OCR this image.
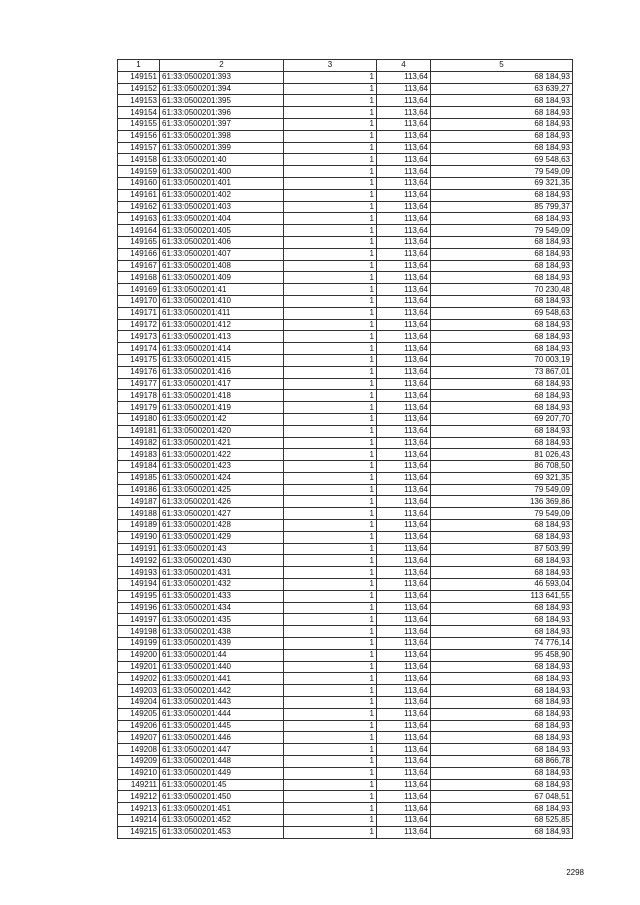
1	2	3	4	5
149151	61:33:0500201:393	1	113,64	68 184,93
149152	61:33:0500201:394	1	113,64	63 639,27
149153	61:33:0500201:395	1	113,64	68 184,93
149154	61:33:0500201:396	1	113,64	68 184,93
149155	61:33:0500201:397	1	113,64	68 184,93
149156	61:33:0500201:398	1	113,64	68 184,93
149157	61:33:0500201:399	1	113,64	68 184,93
149158	61:33:0500201:40	1	113,64	69 548,63
149159	61:33:0500201:400	1	113,64	79 549,09
149160	61:33:0500201:401	1	113,64	69 321,35
149161	61:33:0500201:402	1	113,64	68 184,93
149162	61:33:0500201:403	1	113,64	85 799,37
149163	61:33:0500201:404	1	113,64	68 184,93
149164	61:33:0500201:405	1	113,64	79 549,09
149165	61:33:0500201:406	1	113,64	68 184,93
149166	61:33:0500201:407	1	113,64	68 184,93
149167	61:33:0500201:408	1	113,64	68 184,93
149168	61:33:0500201:409	1	113,64	68 184,93
149169	61:33:0500201:41	1	113,64	70 230,48
149170	61:33:0500201:410	1	113,64	68 184,93
149171	61:33:0500201:411	1	113,64	69 548,63
149172	61:33:0500201:412	1	113,64	68 184,93
149173	61:33:0500201:413	1	113,64	68 184,93
149174	61:33:0500201:414	1	113,64	68 184,93
149175	61:33:0500201:415	1	113,64	70 003,19
149176	61:33:0500201:416	1	113,64	73 867,01
149177	61:33:0500201:417	1	113,64	68 184,93
149178	61:33:0500201:418	1	113,64	68 184,93
149179	61:33:0500201:419	1	113,64	68 184,93
149180	61:33:0500201:42	1	113,64	69 207,70
149181	61:33:0500201:420	1	113,64	68 184,93
149182	61:33:0500201:421	1	113,64	68 184,93
149183	61:33:0500201:422	1	113,64	81 026,43
149184	61:33:0500201:423	1	113,64	86 708,50
149185	61:33:0500201:424	1	113,64	69 321,35
149186	61:33:0500201:425	1	113,64	79 549,09
149187	61:33:0500201:426	1	113,64	136 369,86
149188	61:33:0500201:427	1	113,64	79 549,09
149189	61:33:0500201:428	1	113,64	68 184,93
149190	61:33:0500201:429	1	113,64	68 184,93
149191	61:33:0500201:43	1	113,64	87 503,99
149192	61:33:0500201:430	1	113,64	68 184,93
149193	61:33:0500201:431	1	113,64	68 184,93
149194	61:33:0500201:432	1	113,64	46 593,04
149195	61:33:0500201:433	1	113,64	113 641,55
149196	61:33:0500201:434	1	113,64	68 184,93
149197	61:33:0500201:435	1	113,64	68 184,93
149198	61:33:0500201:438	1	113,64	68 184,93
149199	61:33:0500201:439	1	113,64	74 776,14
149200	61:33:0500201:44	1	113,64	95 458,90
149201	61:33:0500201:440	1	113,64	68 184,93
149202	61:33:0500201:441	1	113,64	68 184,93
149203	61:33:0500201:442	1	113,64	68 184,93
149204	61:33:0500201:443	1	113,64	68 184,93
149205	61:33:0500201:444	1	113,64	68 184,93
149206	61:33:0500201:445	1	113,64	68 184,93
149207	61:33:0500201:446	1	113,64	68 184,93
149208	61:33:0500201:447	1	113,64	68 184,93
149209	61:33:0500201:448	1	113,64	68 866,78
149210	61:33:0500201:449	1	113,64	68 184,93
149211	61:33:0500201:45	1	113,64	68 184,93
149212	61:33:0500201:450	1	113,64	67 048,51
149213	61:33:0500201:451	1	113,64	68 184,93
149214	61:33:0500201:452	1	113,64	68 525,85
149215	61:33:0500201:453	1	113,64	68 184,93
2298
